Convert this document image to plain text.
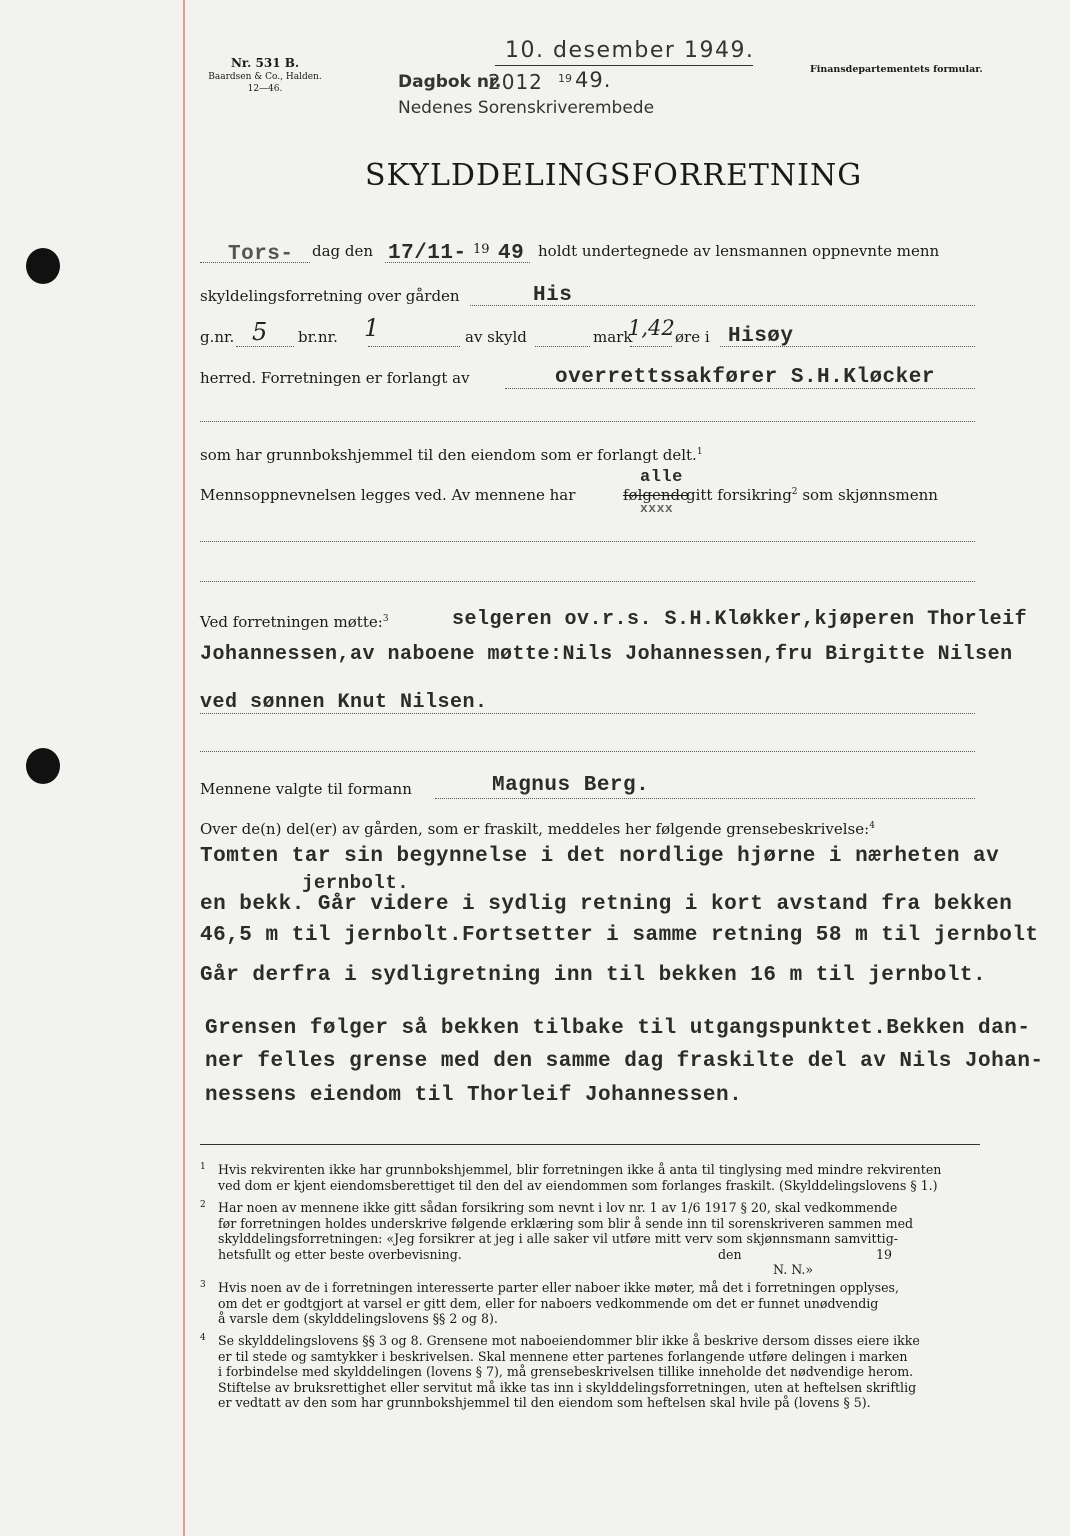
Nr. 531 B.
Baardsen & Co., Halden.
12—46.
Finansdepartementets formular.
10. desember 1949.
Dagbok nr.
2012 19 49.
Nedenes Sorenskriverembede
SKYLDDELINGSFORRETNING
Tors- dag den 17/11- 19 49 holdt undertegnede av lensmannen oppnevnte menn
skyldelingsforretning over gården	His
g.nr. 5 br.nr. 1	av skyld	mark
1,42 øre i Hisøy
herred. Forretningen er forlangt av	overrettssakfører S.H.Kløcker
som har grunnbokshjemmel til den eiendom som er forlangt delt.$^1$
Mennsoppnevnelsen legges ved. Av mennene har	følgende
alle
xxxx
gitt forsikring$^2$ som skjønnsmenn
Ved forretningen møtte:$^3$	selgeren ov.r.s. S.H.Kløkker,kjøperen Thorleif
Johannessen,av naboene møtte:Nils Johannessen,fru Birgitte Nilsen
ved sønnen Knut Nilsen.
Mennene valgte til formann	Magnus Berg.
Over de(n) del(er) av gården, som er fraskilt, meddeles her følgende grensebeskrivelse:$^4$
Tomten tar sin begynnelse i det nordlige hjørne i nærheten av
jernbolt.
en bekk. Går videre i sydlig retning i kort avstand fra bekken
46,5 m til jernbolt.Fortsetter i samme retning 58 m til jernbolt
Går derfra i sydligretning inn til bekken 16 m til jernbolt.
Grensen følger så bekken tilbake til utgangspunktet.Bekken dan-
ner felles grense med den samme dag fraskilte del av Nils Johan-
nessens eiendom til Thorleif Johannessen.
1 Hvis rekvirenten ikke har grunnbokshjemmel, blir forretningen ikke å anta til tinglysing med mindre rekvirenten
ved dom er kjent eiendomsberettiget til den del av eiendommen som forlanges fraskilt. (Skylddelingslovens § 1.)
2 Har noen av mennene ikke gitt sådan forsikring som nevnt i lov nr. 1 av 1/6 1917 § 20, skal vedkommende
før forretningen holdes underskrive følgende erklæring som blir å sende inn til sorenskriveren sammen med
skylddelingsforretningen: «Jeg forsikrer at jeg i alle saker vil utføre mitt verv som skjønnsmann samvittig-
hetsfullt og etter beste overbevisning.	den	19
N. N.»
3 Hvis noen av de i forretningen interesserte parter eller naboer ikke møter, må det i forretningen opplyses,
om det er godtgjort at varsel er gitt dem, eller for naboers vedkommende om det er funnet unødvendig
å varsle dem (skylddelingslovens §§ 2 og 8).
4 Se skylddelingslovens §§ 3 og 8. Grensene mot naboeiendommer blir ikke å beskrive dersom disses eiere ikke
er til stede og samtykker i beskrivelsen. Skal mennene etter partenes forlangende utføre delingen i marken
i forbindelse med skylddelingen (lovens § 7), må grensebeskrivelsen tillike inneholde det nødvendige herom.
Stiftelse av bruksrettighet eller servitut må ikke tas inn i skylddelingsforretningen, uten at heftelsen skriftlig
er vedtatt av den som har grunnbokshjemmel til den eiendom som heftelsen skal hvile på (lovens § 5).
